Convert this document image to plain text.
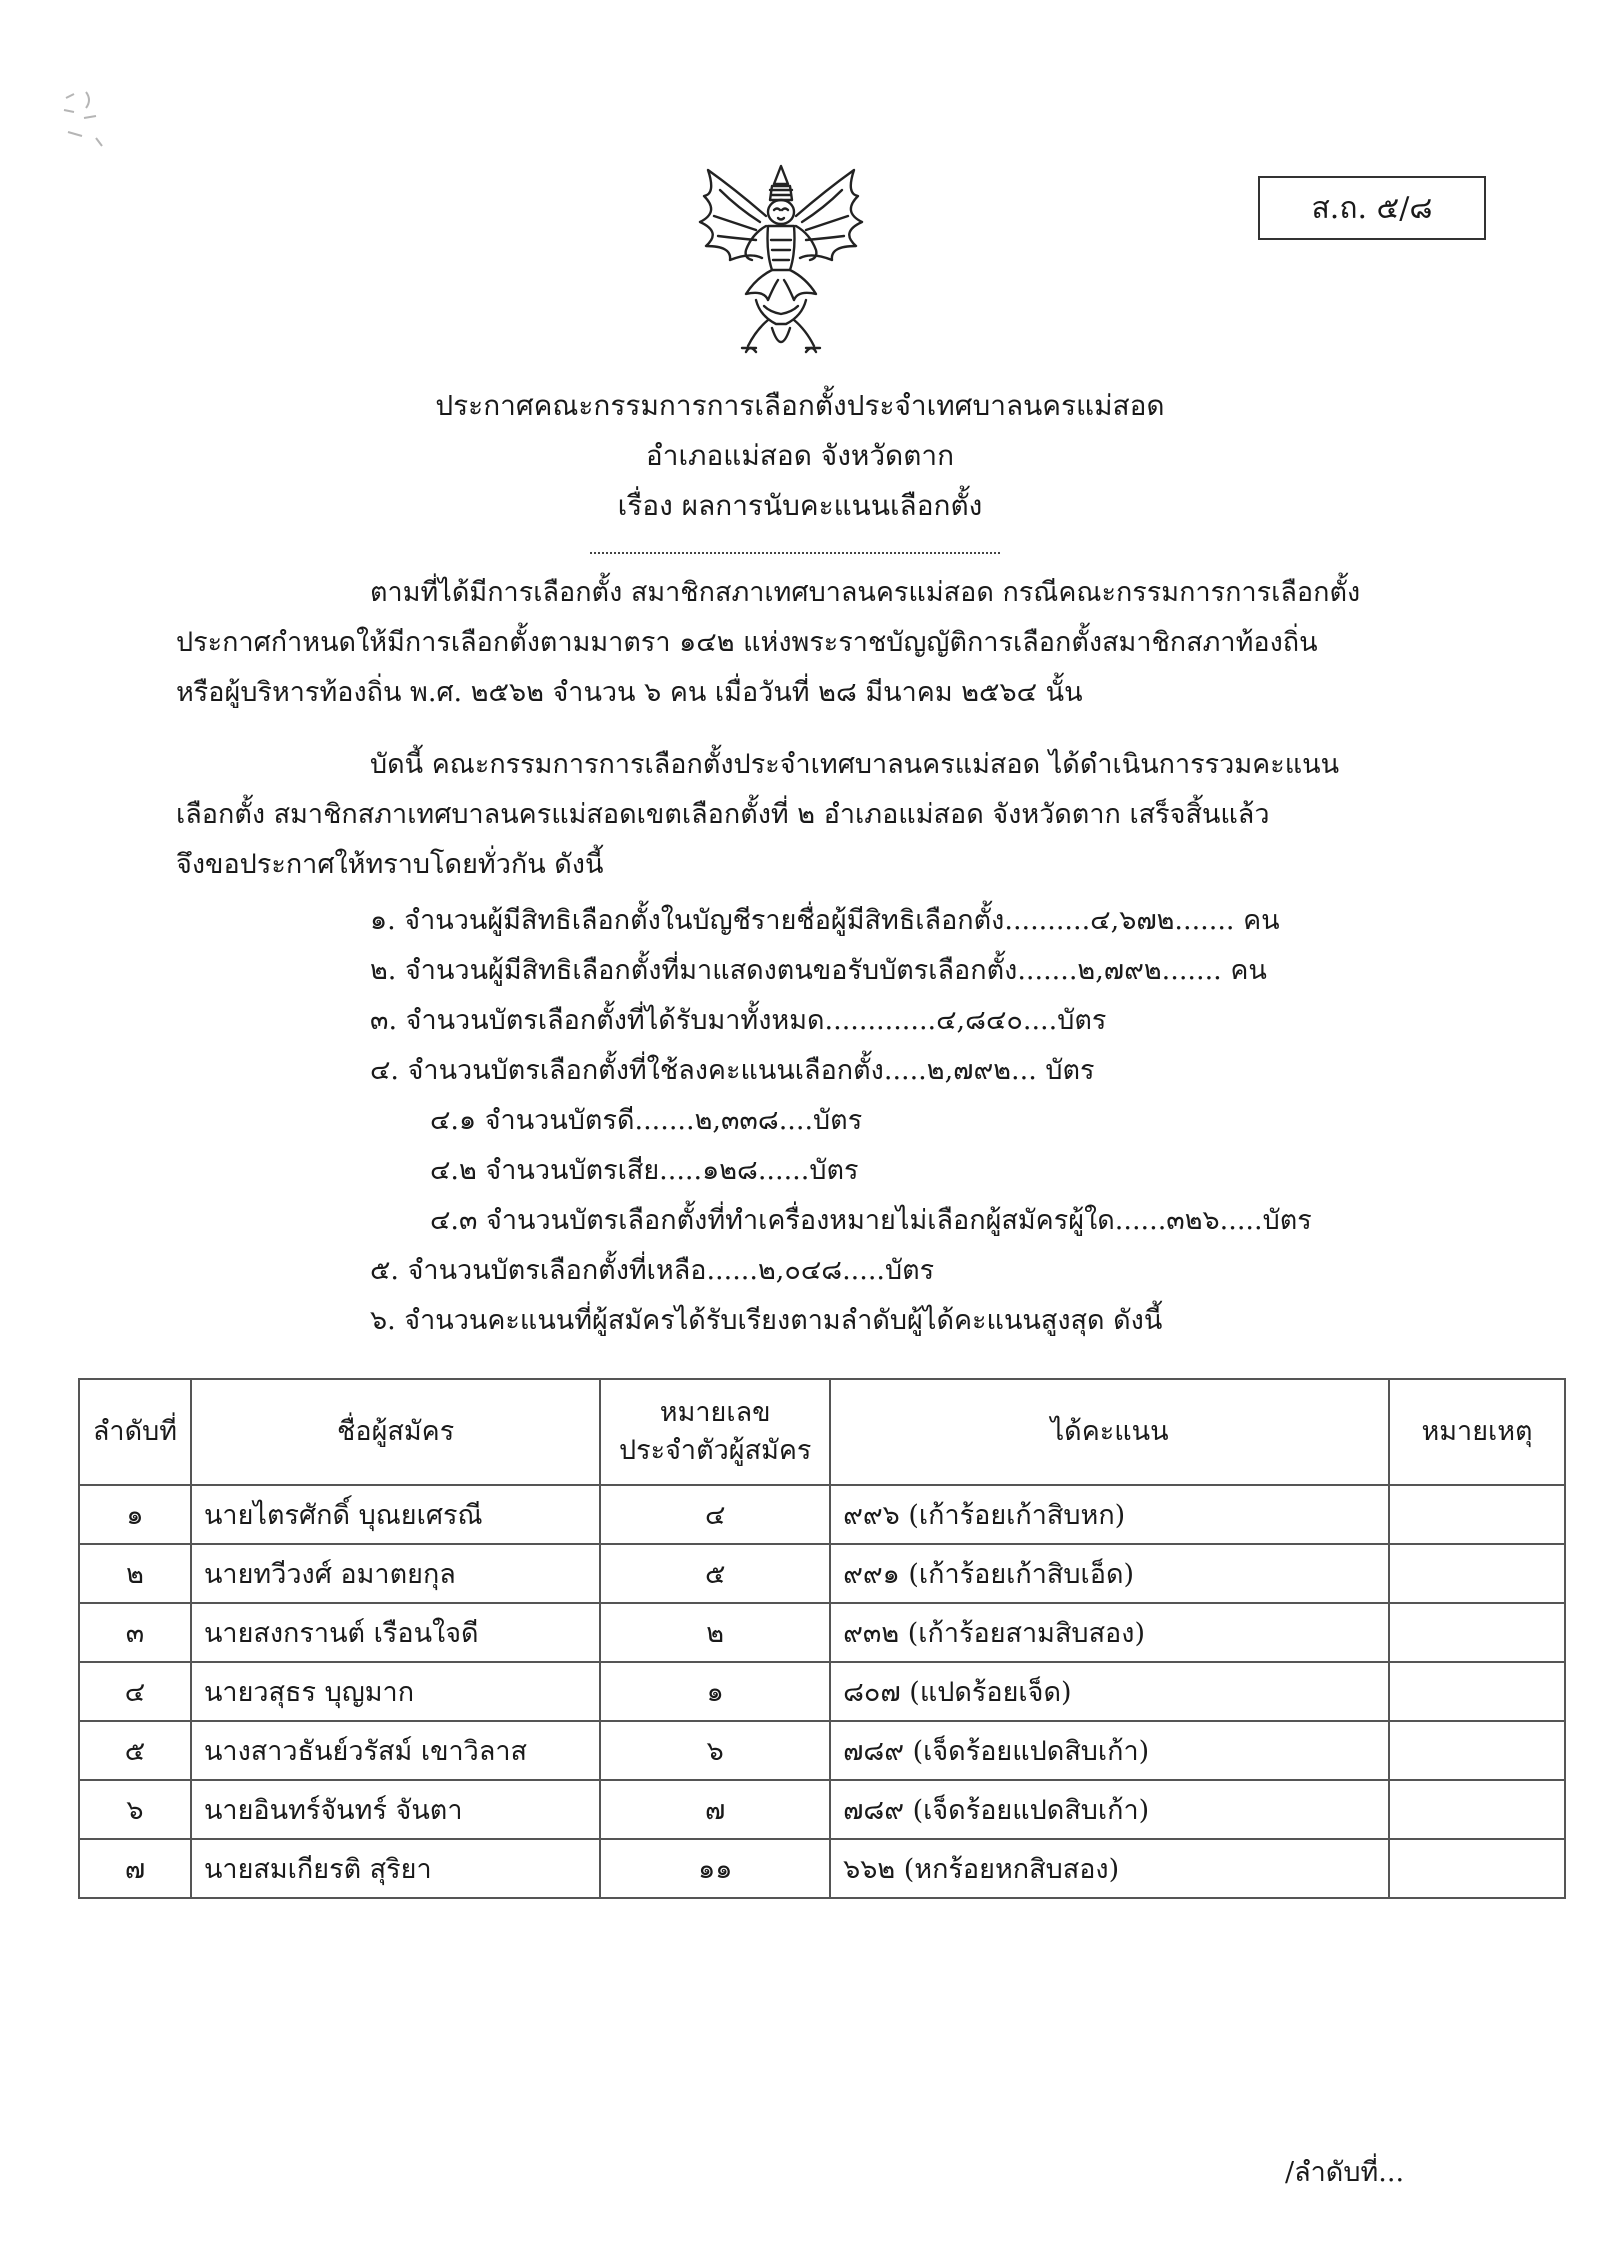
ส.ถ. ๕/๘
ประกาศคณะกรรมการการเลือกตั้งประจำเทศบาลนครแม่สอด
อำเภอแม่สอด จังหวัดตาก
เรื่อง ผลการนับคะแนนเลือกตั้ง
ตามที่ได้มีการเลือกตั้ง สมาชิกสภาเทศบาลนครแม่สอด กรณีคณะกรรมการการเลือกตั้ง
ประกาศกำหนดให้มีการเลือกตั้งตามมาตรา ๑๔๒ แห่งพระราชบัญญัติการเลือกตั้งสมาชิกสภาท้องถิ่น
หรือผู้บริหารท้องถิ่น พ.ศ. ๒๕๖๒ จำนวน ๖ คน เมื่อวันที่ ๒๘ มีนาคม ๒๕๖๔ นั้น
บัดนี้ คณะกรรมการการเลือกตั้งประจำเทศบาลนครแม่สอด ได้ดำเนินการรวมคะแนน
เลือกตั้ง สมาชิกสภาเทศบาลนครแม่สอดเขตเลือกตั้งที่ ๒ อำเภอแม่สอด จังหวัดตาก เสร็จสิ้นแล้ว
จึงขอประกาศให้ทราบโดยทั่วกัน ดังนี้
๑. จำนวนผู้มีสิทธิเลือกตั้งในบัญชีรายชื่อผู้มีสิทธิเลือกตั้ง..........๔,๖๗๒....... คน
๒. จำนวนผู้มีสิทธิเลือกตั้งที่มาแสดงตนขอรับบัตรเลือกตั้ง.......๒,๗๙๒....... คน
๓. จำนวนบัตรเลือกตั้งที่ได้รับมาทั้งหมด.............๔,๘๔๐....บัตร
๔. จำนวนบัตรเลือกตั้งที่ใช้ลงคะแนนเลือกตั้ง.....๒,๗๙๒... บัตร
๔.๑ จำนวนบัตรดี.......๒,๓๓๘....บัตร
๔.๒ จำนวนบัตรเสีย.....๑๒๘......บัตร
๔.๓ จำนวนบัตรเลือกตั้งที่ทำเครื่องหมายไม่เลือกผู้สมัครผู้ใด......๓๒๖.....บัตร
๕. จำนวนบัตรเลือกตั้งที่เหลือ......๒,๐๔๘.....บัตร
๖. จำนวนคะแนนที่ผู้สมัครได้รับเรียงตามลำดับผู้ได้คะแนนสูงสุด ดังนี้
ลำดับที่	ชื่อผู้สมัคร	หมายเลข
ประจำตัวผู้สมัคร	ได้คะแนน	หมายเหตุ
๑	นายไตรศักดิ์ บุณยเศรณี	๔	๙๙๖ (เก้าร้อยเก้าสิบหก)	
๒	นายทวีวงศ์ อมาตยกุล	๕	๙๙๑ (เก้าร้อยเก้าสิบเอ็ด)	
๓	นายสงกรานต์ เรือนใจดี	๒	๙๓๒ (เก้าร้อยสามสิบสอง)	
๔	นายวสุธร บุญมาก	๑	๘๐๗ (แปดร้อยเจ็ด)	
๕	นางสาวธันย์วรัสม์ เขาวิลาส	๖	๗๘๙ (เจ็ดร้อยแปดสิบเก้า)	
๖	นายอินทร์จันทร์ จันตา	๗	๗๘๙ (เจ็ดร้อยแปดสิบเก้า)	
๗	นายสมเกียรติ สุริยา	๑๑	๖๖๒ (หกร้อยหกสิบสอง)	
/ลำดับที่...
